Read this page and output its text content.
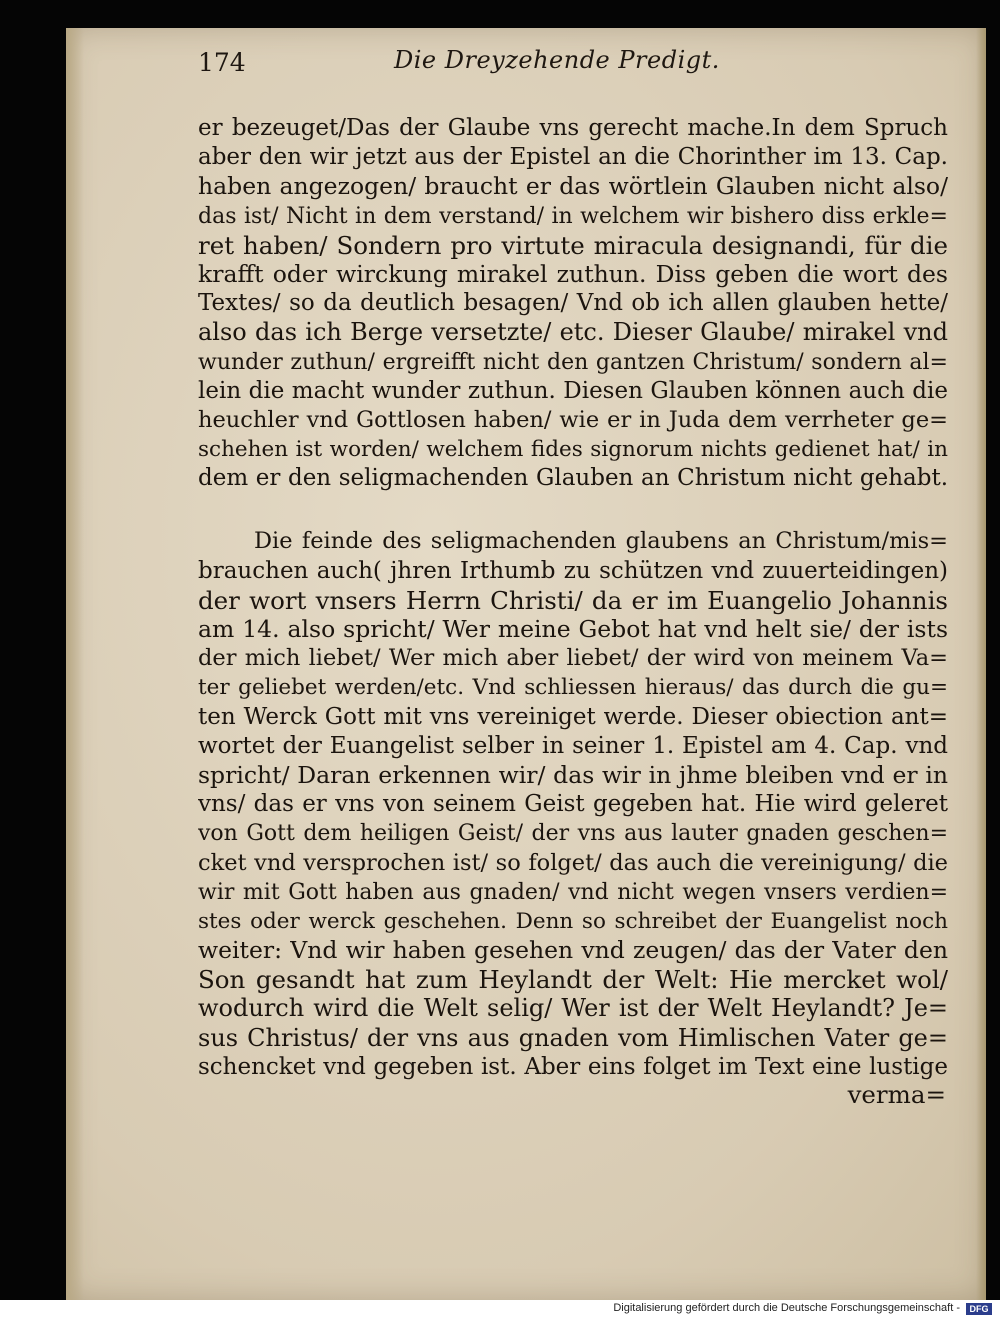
174	Die Dreyzehende Predigt.
er bezeuget/Das der Glaube vns gerecht mache.In dem Spruch
aber den wir jetzt aus der Epistel an die Chorinther im 13. Cap.
haben angezogen/ braucht er das wörtlein Glauben nicht also/
das ist/ Nicht in dem verstand/ in welchem wir bishero diss erkle=
ret haben/ Sondern pro virtute miracula designandi, für die
krafft oder wirckung mirakel zuthun. Diss geben die wort des
Textes/ so da deutlich besagen/ Vnd ob ich allen glauben hette/
also das ich Berge versetzte/ etc. Dieser Glaube/ mirakel vnd
wunder zuthun/ ergreifft nicht den gantzen Christum/ sondern al=
lein die macht wunder zuthun. Diesen Glauben können auch die
heuchler vnd Gottlosen haben/ wie er in Juda dem verrheter ge=
schehen ist worden/ welchem fides signorum nichts gedienet hat/ in
dem er den seligmachenden Glauben an Christum nicht gehabt.
Die feinde des seligmachenden glaubens an Christum/mis=
brauchen auch( jhren Irthumb zu schützen vnd zuuerteidingen)
der wort vnsers Herrn Christi/ da er im Euangelio Johannis
am 14. also spricht/ Wer meine Gebot hat vnd helt sie/ der ists
der mich liebet/ Wer mich aber liebet/ der wird von meinem Va=
ter geliebet werden/etc. Vnd schliessen hieraus/ das durch die gu=
ten Werck Gott mit vns vereiniget werde. Dieser obiection ant=
wortet der Euangelist selber in seiner 1. Epistel am 4. Cap. vnd
spricht/ Daran erkennen wir/ das wir in jhme bleiben vnd er in
vns/ das er vns von seinem Geist gegeben hat. Hie wird geleret
von Gott dem heiligen Geist/ der vns aus lauter gnaden geschen=
cket vnd versprochen ist/ so folget/ das auch die vereinigung/ die
wir mit Gott haben aus gnaden/ vnd nicht wegen vnsers verdien=
stes oder werck geschehen. Denn so schreibet der Euangelist noch
weiter: Vnd wir haben gesehen vnd zeugen/ das der Vater den
Son gesandt hat zum Heylandt der Welt: Hie mercket wol/
wodurch wird die Welt selig/ Wer ist der Welt Heylandt? Je=
sus Christus/ der vns aus gnaden vom Himlischen Vater ge=
schencket vnd gegeben ist. Aber eins folget im Text eine lustige
verma=
Digitalisierung gefördert durch die Deutsche Forschungsgemeinschaft -	DFG
